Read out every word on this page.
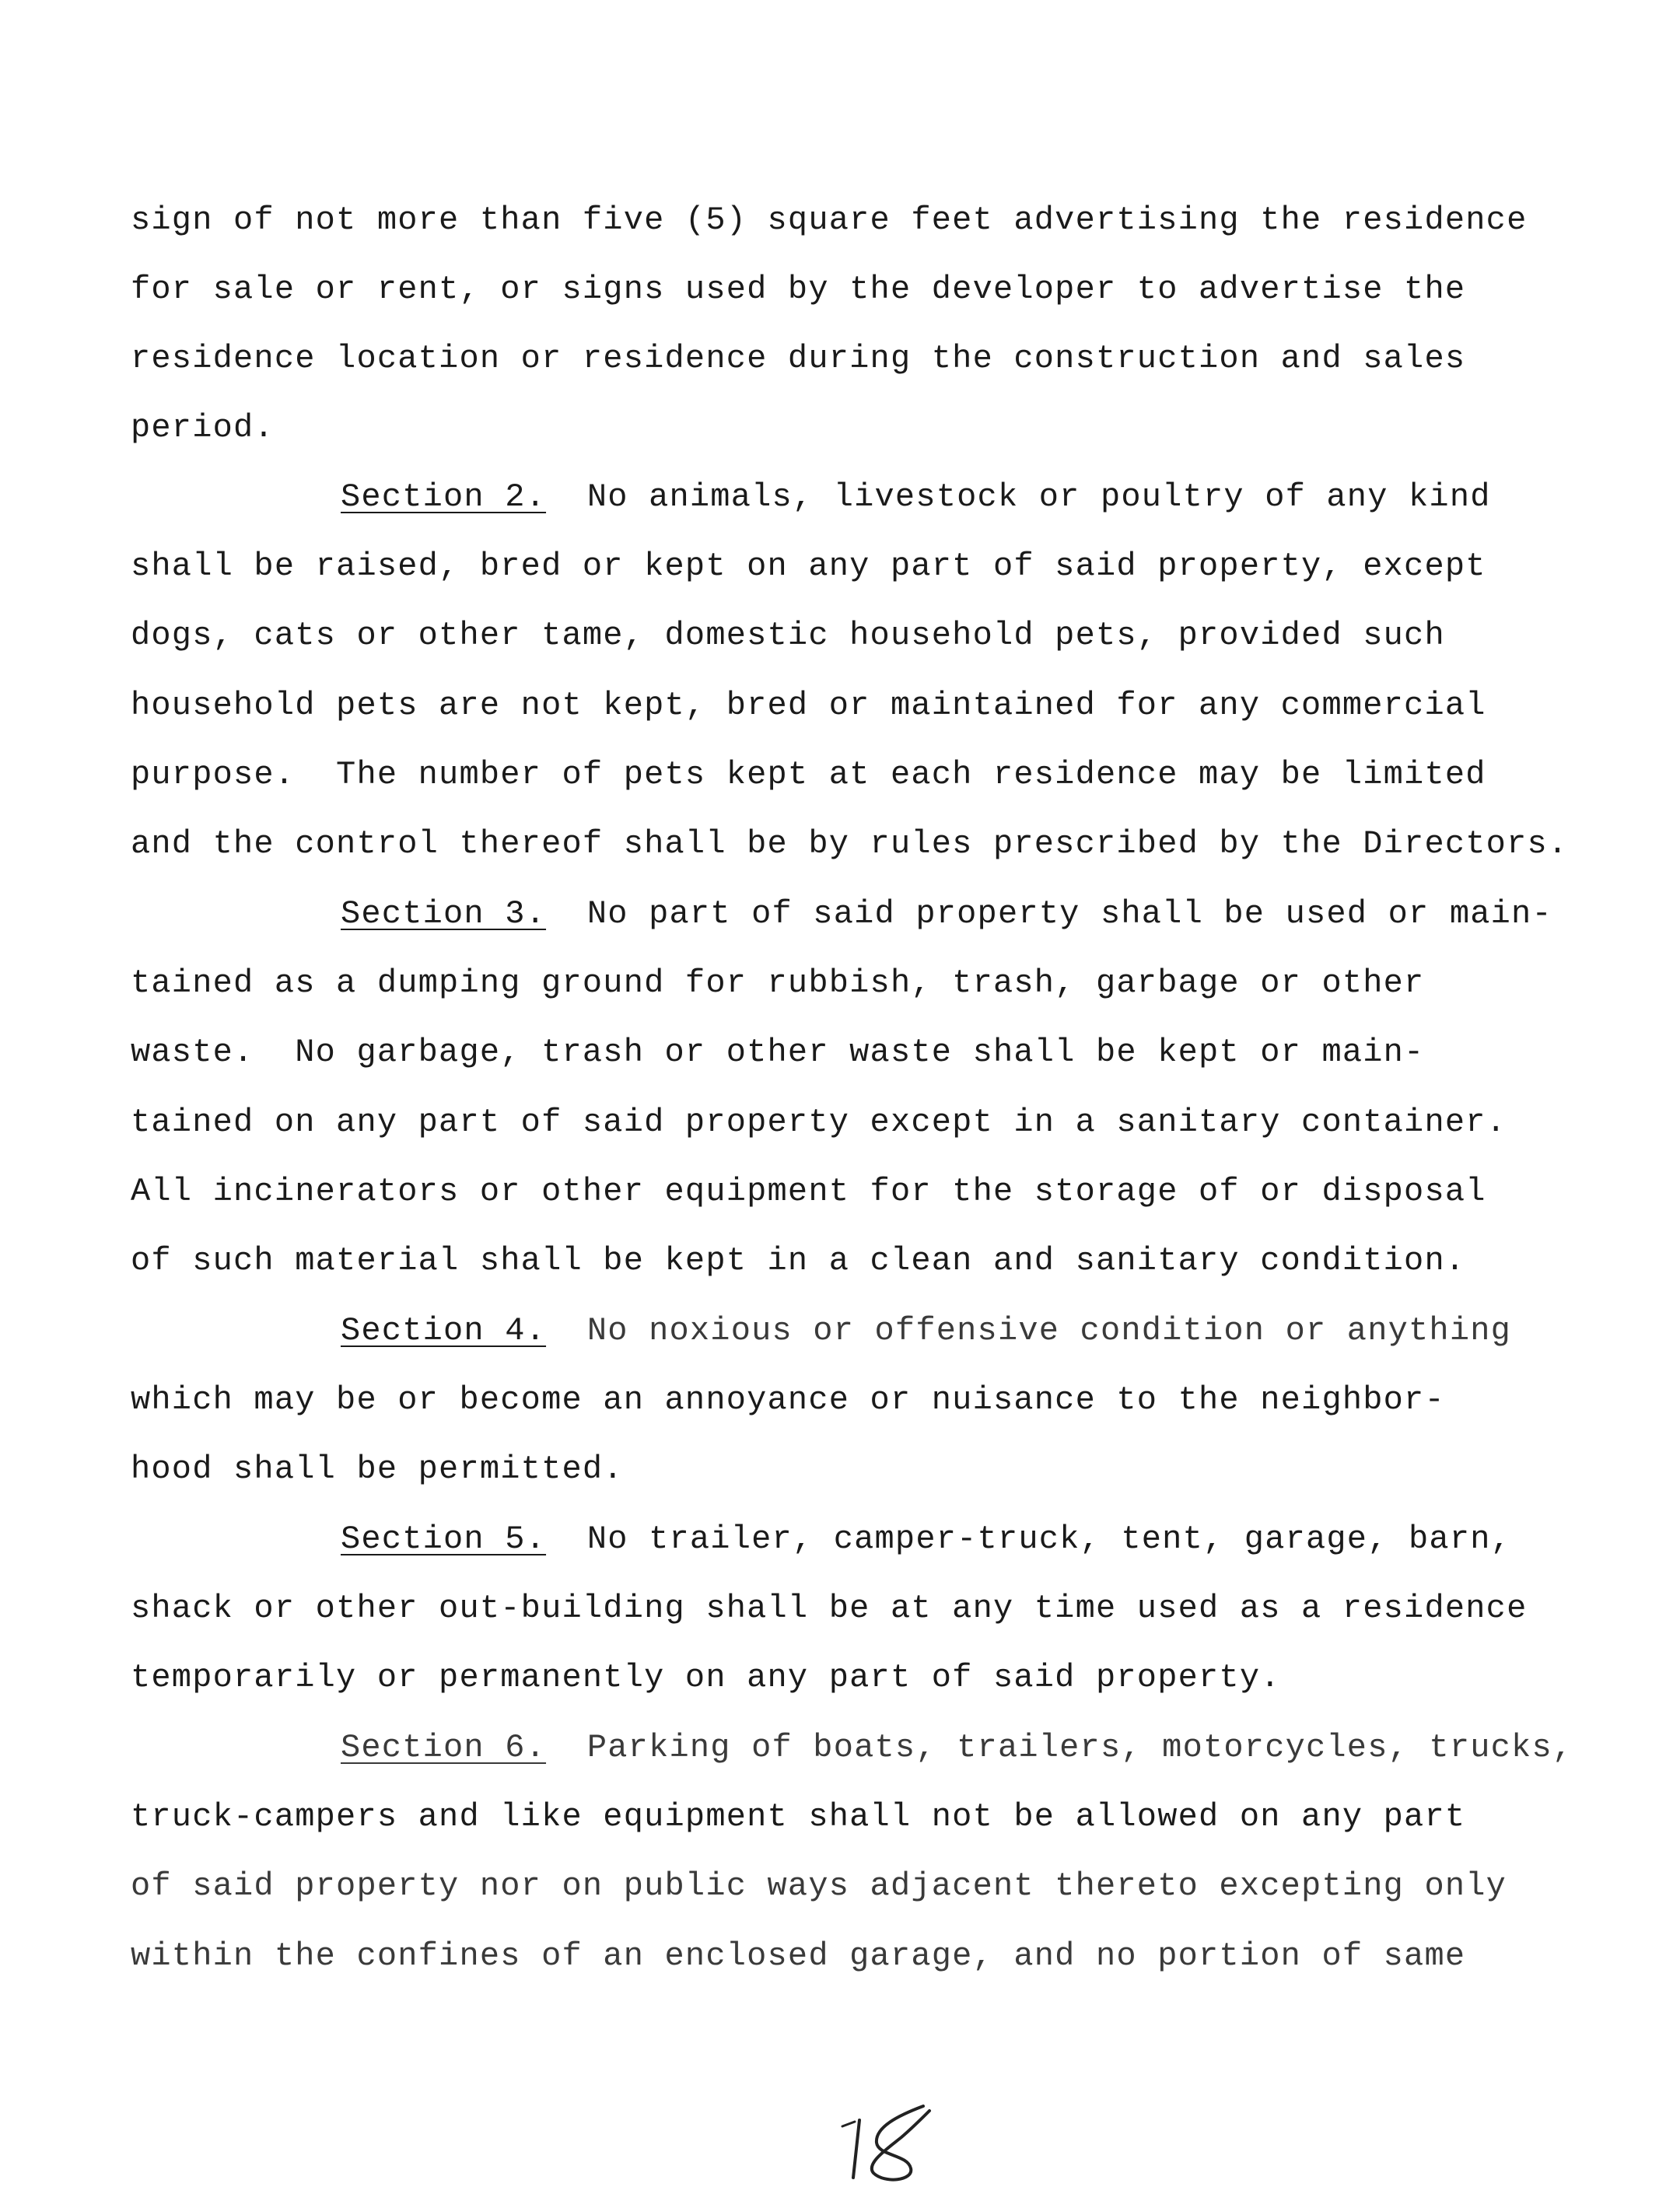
sign of not more than five (5) square feet advertising the residence
for sale or rent, or signs used by the developer to advertise the
residence location or residence during the construction and sales
period.
Section 2. No animals, livestock or poultry of any kind
shall be raised, bred or kept on any part of said property, except
dogs, cats or other tame, domestic household pets, provided such
household pets are not kept, bred or maintained for any commercial
purpose.  The number of pets kept at each residence may be limited
and the control thereof shall be by rules prescribed by the Directors.
Section 3. No part of said property shall be used or main-
tained as a dumping ground for rubbish, trash, garbage or other
waste.  No garbage, trash or other waste shall be kept or main-
tained on any part of said property except in a sanitary container.
All incinerators or other equipment for the storage of or disposal
of such material shall be kept in a clean and sanitary condition.
Section 4. No noxious or offensive condition or anything
which may be or become an annoyance or nuisance to the neighbor-
hood shall be permitted.
Section 5. No trailer, camper-truck, tent, garage, barn,
shack or other out-building shall be at any time used as a residence
temporarily or permanently on any part of said property.
Section 6. Parking of boats, trailers, motorcycles, trucks,
truck-campers and like equipment shall not be allowed on any part
of said property nor on public ways adjacent thereto excepting only
within the confines of an enclosed garage, and no portion of same
